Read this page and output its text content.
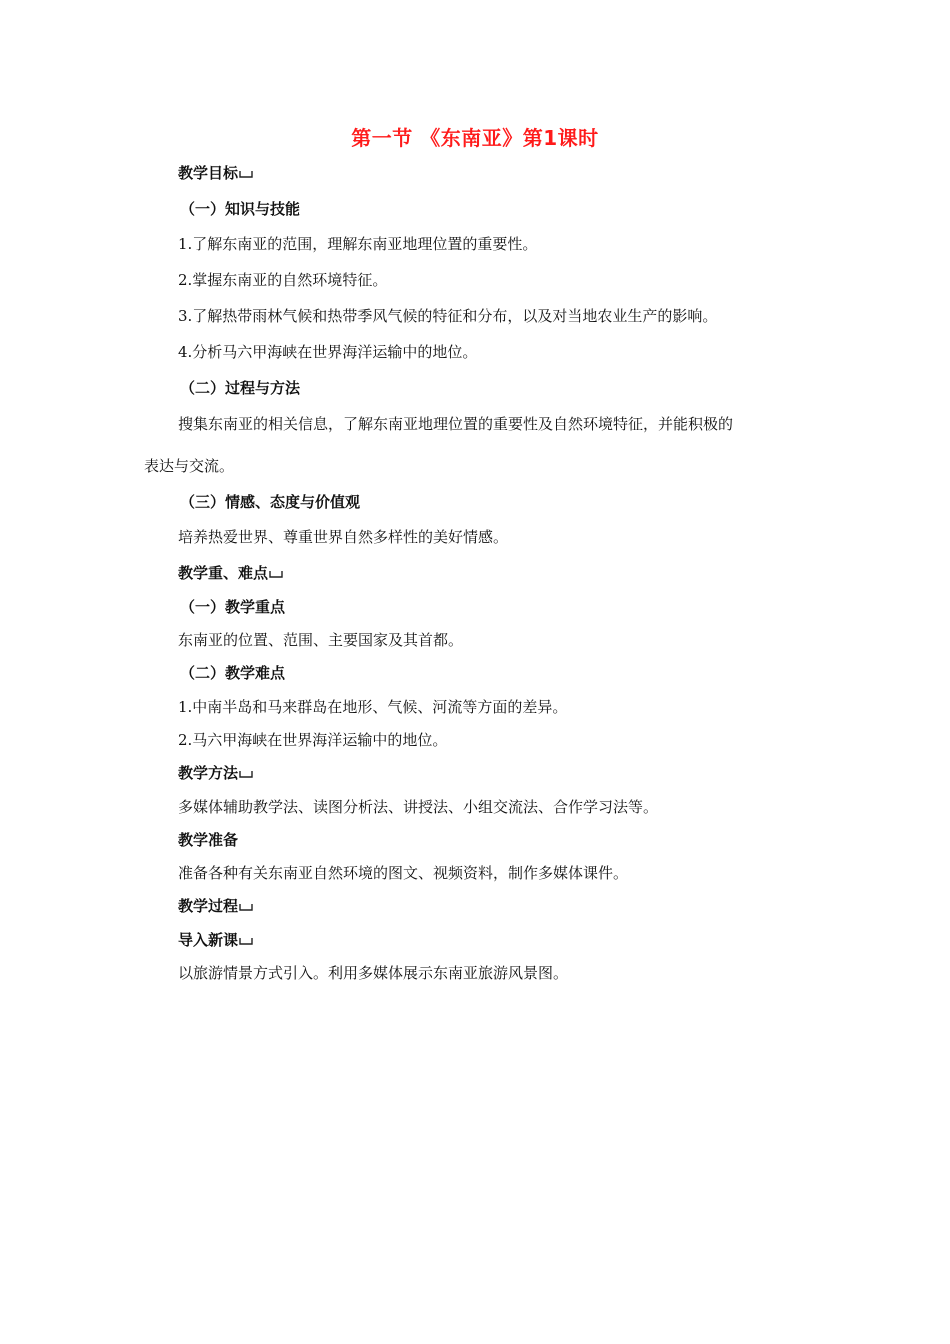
第一节 《东南亚》第1课时
教学目标
（一）知识与技能
1.了解东南亚的范围，理解东南亚地理位置的重要性。
2.掌握东南亚的自然环境特征。
3.了解热带雨林气候和热带季风气候的特征和分布，以及对当地农业生产的影响。
4.分析马六甲海峡在世界海洋运输中的地位。
（二）过程与方法
搜集东南亚的相关信息，了解东南亚地理位置的重要性及自然环境特征，并能积极的
表达与交流。
（三）情感、态度与价值观
培养热爱世界、尊重世界自然多样性的美好情感。
教学重、难点
（一）教学重点
东南亚的位置、范围、主要国家及其首都。
（二）教学难点
1.中南半岛和马来群岛在地形、气候、河流等方面的差异。
2.马六甲海峡在世界海洋运输中的地位。
教学方法
多媒体辅助教学法、读图分析法、讲授法、小组交流法、合作学习法等。
教学准备
准备各种有关东南亚自然环境的图文、视频资料，制作多媒体课件。
教学过程
导入新课
以旅游情景方式引入。利用多媒体展示东南亚旅游风景图。
